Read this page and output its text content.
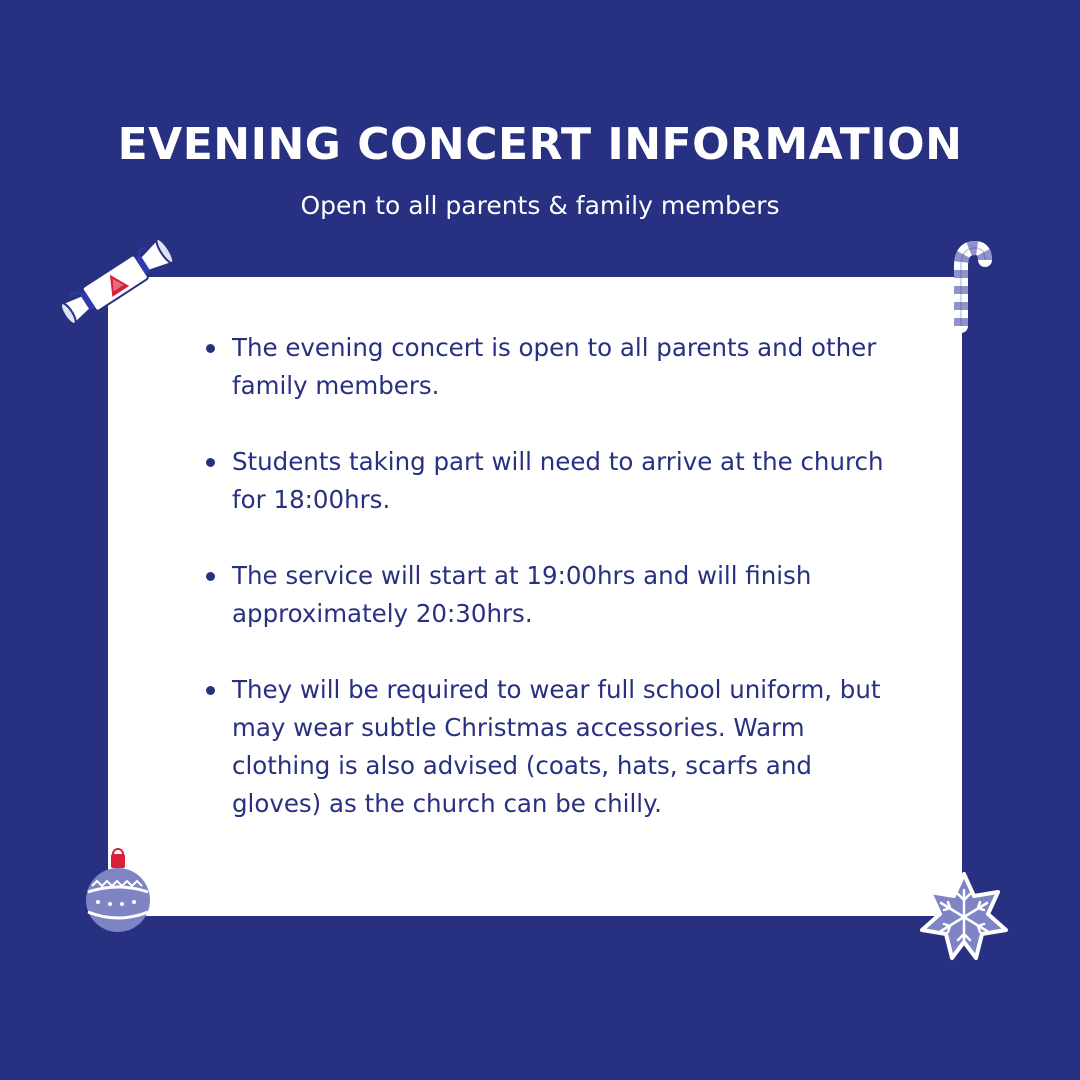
EVENING CONCERT INFORMATION

Open to all parents & family members

The evening concert is open to all parents and other family members.
Students taking part will need to arrive at the church for 18:00hrs.
The service will start at 19:00hrs and will finish approximately 20:30hrs.
They will be required to wear full school uniform, but may wear subtle Christmas accessories. Warm clothing is also advised (coats, hats, scarfs and gloves) as the church can be chilly.
